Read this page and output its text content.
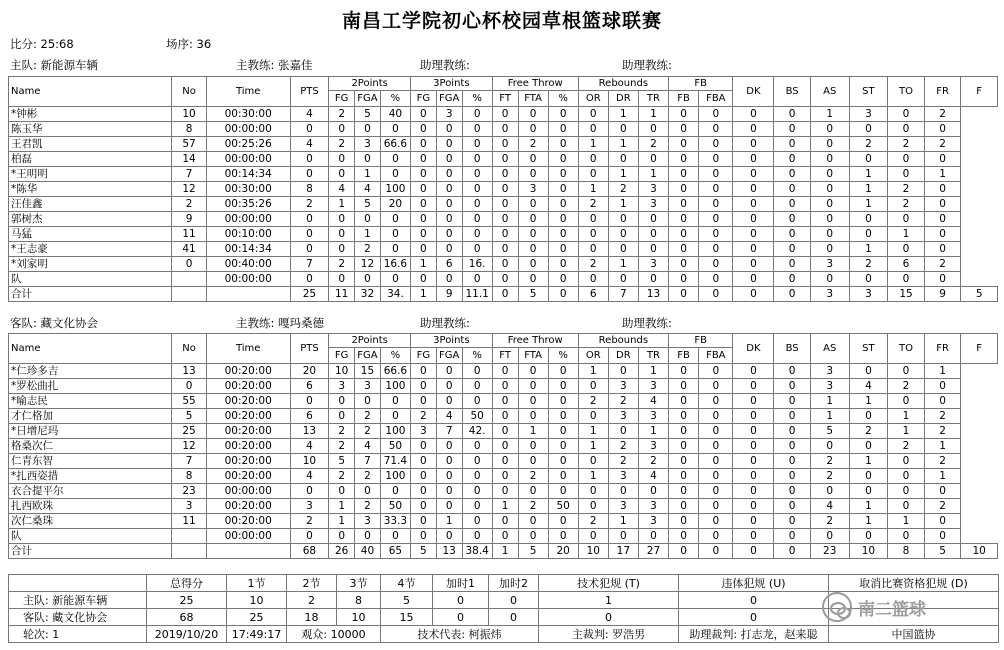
南昌工学院初心杯校园草根篮球联赛
比分: 25:68	场序: 36
主队: 新能源车辆	主教练: 张嘉佳	助理教练:	助理教练:
Name	No	Time	PTS	2Points			3Points			Free Throw			Rebounds			FB		DK	BS	AS	ST	TO	FR	F
				FG	FGA	%	FG	FGA	%	FT	FTA	%	OR	DR	TR	FB	FBA							
*钟彬	10	00:30:00	4	2	5	40	0	3	0	0	0	0	0	1	1	0	0	0	0	1	3	0	2	
陈玉华	8	00:00:00	0	0	0	0	0	0	0	0	0	0	0	0	0	0	0	0	0	0	0	0	0	
王君凯	57	00:25:26	4	2	3	66.6	0	0	0	0	2	0	1	1	2	0	0	0	0	0	2	2	2	
柏磊	14	00:00:00	0	0	0	0	0	0	0	0	0	0	0	0	0	0	0	0	0	0	0	0	0	
*王明明	7	00:14:34	0	0	1	0	0	0	0	0	0	0	0	1	1	0	0	0	0	0	1	0	1	
*陈华	12	00:30:00	8	4	4	100	0	0	0	0	3	0	1	2	3	0	0	0	0	0	1	2	0	
汪佳鑫	2	00:35:26	2	1	5	20	0	0	0	0	0	0	2	1	3	0	0	0	0	0	1	2	0	
郭树杰	9	00:00:00	0	0	0	0	0	0	0	0	0	0	0	0	0	0	0	0	0	0	0	0	0	
马猛	11	00:10:00	0	0	1	0	0	0	0	0	0	0	0	0	0	0	0	0	0	0	0	1	0	
*王志豪	41	00:14:34	0	0	2	0	0	0	0	0	0	0	0	0	0	0	0	0	0	0	1	0	0	
*刘家明	0	00:40:00	7	2	12	16.6	1	6	16.	0	0	0	2	1	3	0	0	0	0	3	2	6	2	
队		00:00:00	0	0	0	0	0	0	0	0	0	0	0	0	0	0	0	0	0	0	0	0	0	
合计			25	11	32	34.	1	9	11.1	0	5	0	6	7	13	0	0	0	0	3	3	15	9	5
客队: 藏文化协会	主教练: 嘎玛桑德	助理教练:	助理教练:
Name	No	Time	PTS	2Points			3Points			Free Throw			Rebounds			FB		DK	BS	AS	ST	TO	FR	F
				FG	FGA	%	FG	FGA	%	FT	FTA	%	OR	DR	TR	FB	FBA							
*仁珍多吉	13	00:20:00	20	10	15	66.6	0	0	0	0	0	0	1	0	1	0	0	0	0	3	0	0	1	
*罗松曲扎	0	00:20:00	6	3	3	100	0	0	0	0	0	0	0	3	3	0	0	0	0	3	4	2	0	
*喻志民	55	00:20:00	0	0	0	0	0	0	0	0	0	0	2	2	4	0	0	0	0	1	1	0	0	
才仁格加	5	00:20:00	6	0	2	0	2	4	50	0	0	0	0	3	3	0	0	0	0	1	0	1	2	
*日增尼玛	25	00:20:00	13	2	2	100	3	7	42.	0	1	0	1	0	1	0	0	0	0	5	2	1	2	
格桑次仁	12	00:20:00	4	2	4	50	0	0	0	0	0	0	1	2	3	0	0	0	0	0	0	2	1	
仁青东智	7	00:20:00	10	5	7	71.4	0	0	0	0	0	0	0	2	2	0	0	0	0	2	1	0	2	
*扎西姿措	8	00:20:00	4	2	2	100	0	0	0	0	2	0	1	3	4	0	0	0	0	2	0	0	1	
衣合提平尔	23	00:00:00	0	0	0	0	0	0	0	0	0	0	0	0	0	0	0	0	0	0	0	0	0	
扎西欧珠	3	00:20:00	3	1	2	50	0	0	0	1	2	50	0	3	3	0	0	0	0	4	1	0	2	
次仁桑珠	11	00:20:00	2	1	3	33.3	0	1	0	0	0	0	2	1	3	0	0	0	0	2	1	1	0	
队		00:00:00	0	0	0	0	0	0	0	0	0	0	0	0	0	0	0	0	0	0	0	0	0	
合计			68	26	40	65	5	13	38.4	1	5	20	10	17	27	0	0	0	0	23	10	8	5	10
	总得分	1节	2节	3节	4节	加时1	加时2	技术犯规 (T)	违体犯规 (U)	取消比赛资格犯规 (D)
主队: 新能源车辆	25	10	2	8	5	0	0	1	0	
客队: 藏文化协会	68	25	18	10	15	0	0	0	0	
轮次: 1	2019/10/20	17:49:17	观众: 10000		技术代表: 柯振炜			主裁判: 罗浩男	助理裁判: 打志龙，赵来聪	中国篮协
南二篮球
